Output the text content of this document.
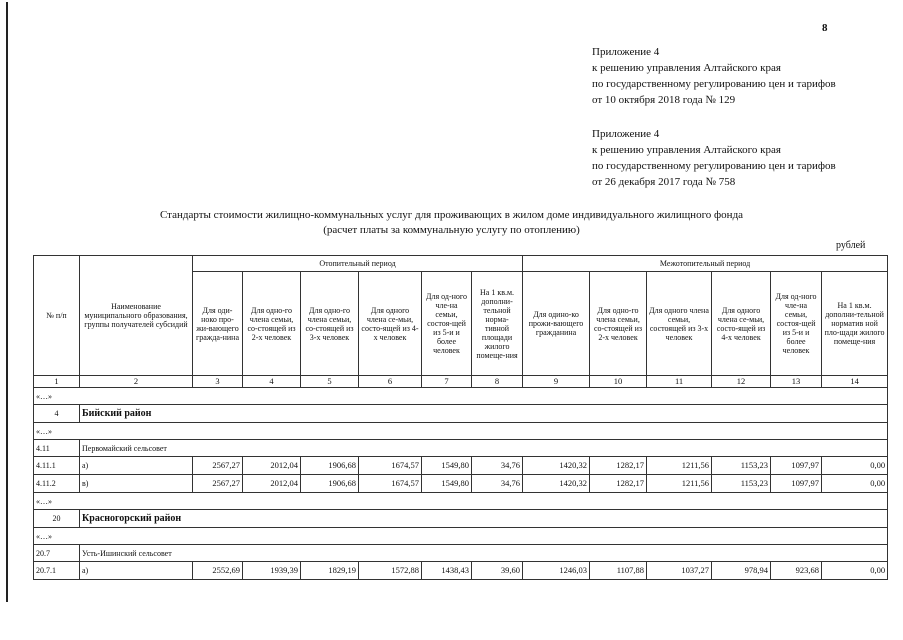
8
Приложение 4
к решению управления Алтайского края
по государственному регулированию цен и тарифов
от 10 октября 2018 года № 129
Приложение 4
к решению управления Алтайского края
по государственному регулированию цен и тарифов
от 26 декабря 2017 года № 758
Стандарты стоимости жилищно-коммунальных услуг для проживающих в жилом доме индивидуального жилищного фонда
(расчет платы за коммунальную услугу по отоплению)
рублей
№ п/п	Наименование муниципального образования, группы получателей субсидий	Отопительный период						Межотопительный период					
		Для оди-ноко про-жи-вающего гражда-нина	Для одно-го члена семьи, со-стоящей из 2-х человек	Для одно-го члена семьи, со-стоящей из 3-х человек	Для одного члена се-мьи, состо-ящей из 4-х человек	Для од-ного чле-на семьи, состоя-щей из 5-и и более человек	На 1 кв.м. дополни-тельной норма-тивной площади жилого помеще-ния	Для одино-ко прожи-вающего гражданина	Для одно-го члена семьи, со-стоящей из 2-х человек	Для одного члена семьи, состоящей из 3-х человек	Для одного члена се-мьи, состо-ящей из 4-х человек	Для од-ного чле-на семьи, состоя-щей из 5-и и более человек	На 1 кв.м. дополни-тельной норматив ной пло-щади жилого помеще-ния
1	2	3	4	5	6	7	8	9	10	11	12	13	14
«…»													
4	Бийский район												
«…»													
4.11	Первомайский сельсовет												
4.11.1	а)	2567,27	2012,04	1906,68	1674,57	1549,80	34,76	1420,32	1282,17	1211,56	1153,23	1097,97	0,00
4.11.2	в)	2567,27	2012,04	1906,68	1674,57	1549,80	34,76	1420,32	1282,17	1211,56	1153,23	1097,97	0,00
«…»													
20	Красногорский район												
«…»													
20.7	Усть-Ишинский сельсовет												
20.7.1	а)	2552,69	1939,39	1829,19	1572,88	1438,43	39,60	1246,03	1107,88	1037,27	978,94	923,68	0,00
